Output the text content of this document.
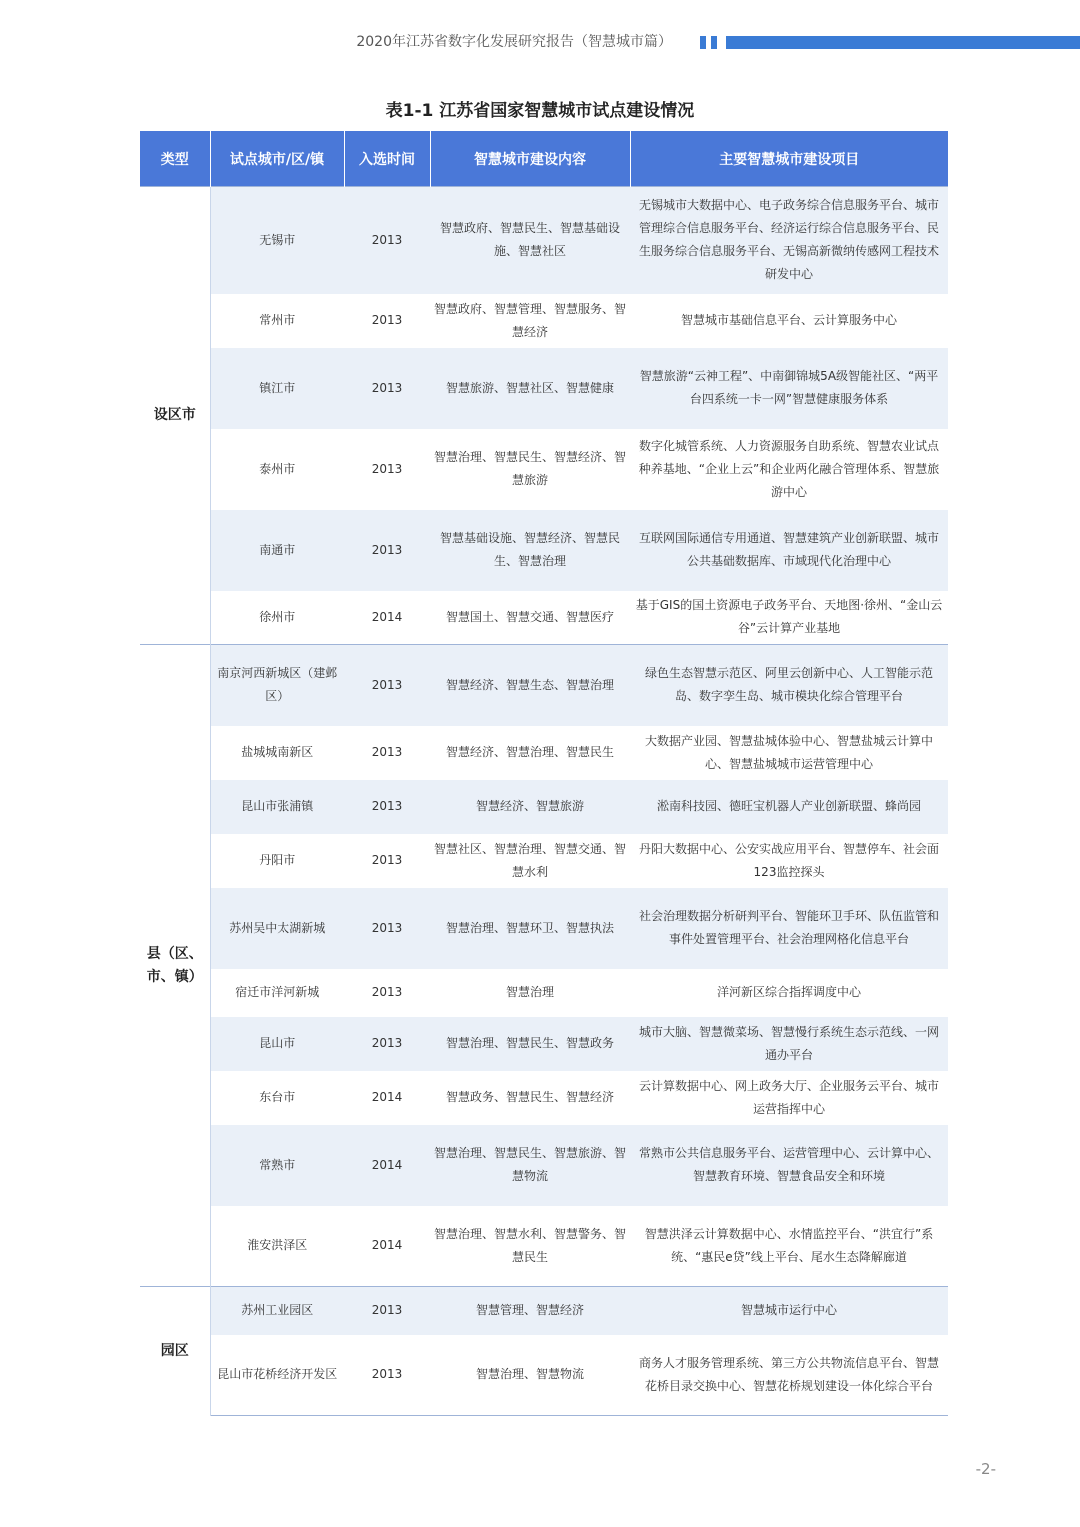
2020年江苏省数字化发展研究报告（智慧城市篇）
表1-1 江苏省国家智慧城市试点建设情况
类型	试点城市/区/镇	入选时间	智慧城市建设内容	主要智慧城市建设项目
设区市	无锡市	2013	智慧政府、智慧民生、智慧基础设施、智慧社区	无锡城市大数据中心、电子政务综合信息服务平台、城市管理综合信息服务平台、经济运行综合信息服务平台、民生服务综合信息服务平台、无锡高新微纳传感网工程技术研发中心
	常州市	2013	智慧政府、智慧管理、智慧服务、智慧经济	智慧城市基础信息平台、云计算服务中心
	镇江市	2013	智慧旅游、智慧社区、智慧健康	智慧旅游“云神工程”、中南御锦城5A级智能社区、“两平台四系统一卡一网”智慧健康服务体系
	泰州市	2013	智慧治理、智慧民生、智慧经济、智慧旅游	数字化城管系统、人力资源服务自助系统、智慧农业试点种养基地、“企业上云”和企业两化融合管理体系、智慧旅游中心
	南通市	2013	智慧基础设施、智慧经济、智慧民生、智慧治理	互联网国际通信专用通道、智慧建筑产业创新联盟、城市公共基础数据库、市域现代化治理中心
	徐州市	2014	智慧国土、智慧交通、智慧医疗	基于GIS的国土资源电子政务平台、天地图·徐州、“金山云谷”云计算产业基地
县（区、市、镇）	南京河西新城区（建邺区）	2013	智慧经济、智慧生态、智慧治理	绿色生态智慧示范区、阿里云创新中心、人工智能示范岛、数字孪生岛、城市模块化综合管理平台
	盐城城南新区	2013	智慧经济、智慧治理、智慧民生	大数据产业园、智慧盐城体验中心、智慧盐城云计算中心、智慧盐城城市运营管理中心
	昆山市张浦镇	2013	智慧经济、智慧旅游	淞南科技园、德旺宝机器人产业创新联盟、蜂尚园
	丹阳市	2013	智慧社区、智慧治理、智慧交通、智慧水利	丹阳大数据中心、公安实战应用平台、智慧停车、社会面123监控探头
	苏州吴中太湖新城	2013	智慧治理、智慧环卫、智慧执法	社会治理数据分析研判平台、智能环卫手环、队伍监管和事件处置管理平台、社会治理网格化信息平台
	宿迁市洋河新城	2013	智慧治理	洋河新区综合指挥调度中心
	昆山市	2013	智慧治理、智慧民生、智慧政务	城市大脑、智慧微菜场、智慧慢行系统生态示范线、一网通办平台
	东台市	2014	智慧政务、智慧民生、智慧经济	云计算数据中心、网上政务大厅、企业服务云平台、城市运营指挥中心
	常熟市	2014	智慧治理、智慧民生、智慧旅游、智慧物流	常熟市公共信息服务平台、运营管理中心、云计算中心、智慧教育环境、智慧食品安全和环境
	淮安洪泽区	2014	智慧治理、智慧水利、智慧警务、智慧民生	智慧洪泽云计算数据中心、水情监控平台、“洪宜行”系统、“惠民e贷”线上平台、尾水生态降解廊道
园区	苏州工业园区	2013	智慧管理、智慧经济	智慧城市运行中心
	昆山市花桥经济开发区	2013	智慧治理、智慧物流	商务人才服务管理系统、第三方公共物流信息平台、智慧花桥目录交换中心、智慧花桥规划建设一体化综合平台
-2-
